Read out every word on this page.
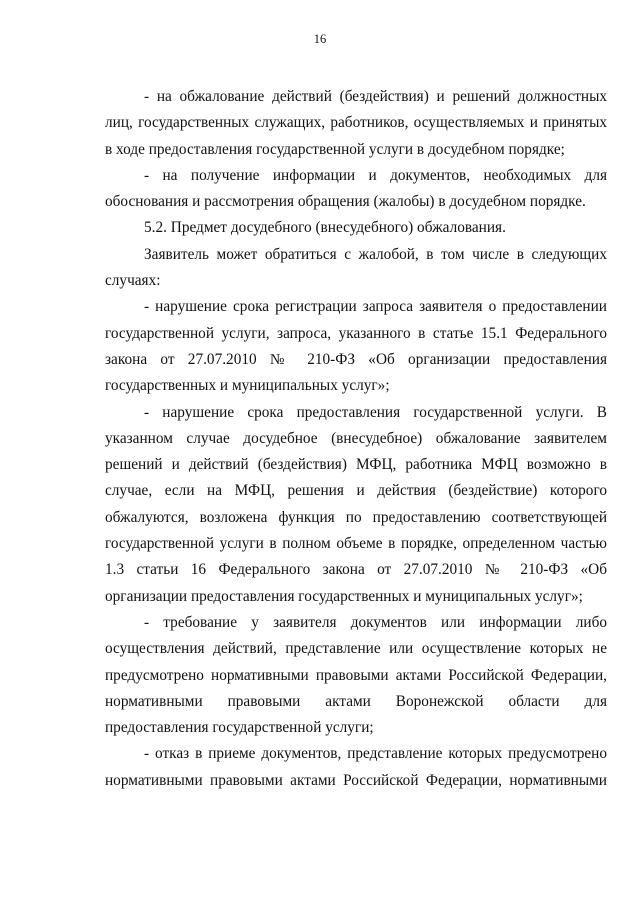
16

- на обжалование действий (бездействия) и решений должностных лиц, государственных служащих, работников, осуществляемых и принятых в ходе предоставления государственной услуги в досудебном порядке;

- на получение информации и документов, необходимых для обоснования и рассмотрения обращения (жалобы) в досудебном порядке.

5.2. Предмет досудебного (внесудебного) обжалования.

Заявитель может обратиться с жалобой, в том числе в следующих случаях:

- нарушение срока регистрации запроса заявителя о предоставлении государственной услуги, запроса, указанного в статье 15.1 Федерального закона от 27.07.2010 № 210-ФЗ «Об организации предоставления государственных и муниципальных услуг»;

- нарушение срока предоставления государственной услуги. В указанном случае досудебное (внесудебное) обжалование заявителем решений и действий (бездействия) МФЦ, работника МФЦ возможно в случае, если на МФЦ, решения и действия (бездействие) которого обжалуются, возложена функция по предоставлению соответствующей государственной услуги в полном объеме в порядке, определенном частью 1.3 статьи 16 Федерального закона от 27.07.2010 № 210-ФЗ «Об организации предоставления государственных и муниципальных услуг»;

- требование у заявителя документов или информации либо осуществления действий, представление или осуществление которых не предусмотрено нормативными правовыми актами Российской Федерации, нормативными правовыми актами Воронежской области для предоставления государственной услуги;

- отказ в приеме документов, представление которых предусмотрено нормативными правовыми актами Российской Федерации, нормативными
